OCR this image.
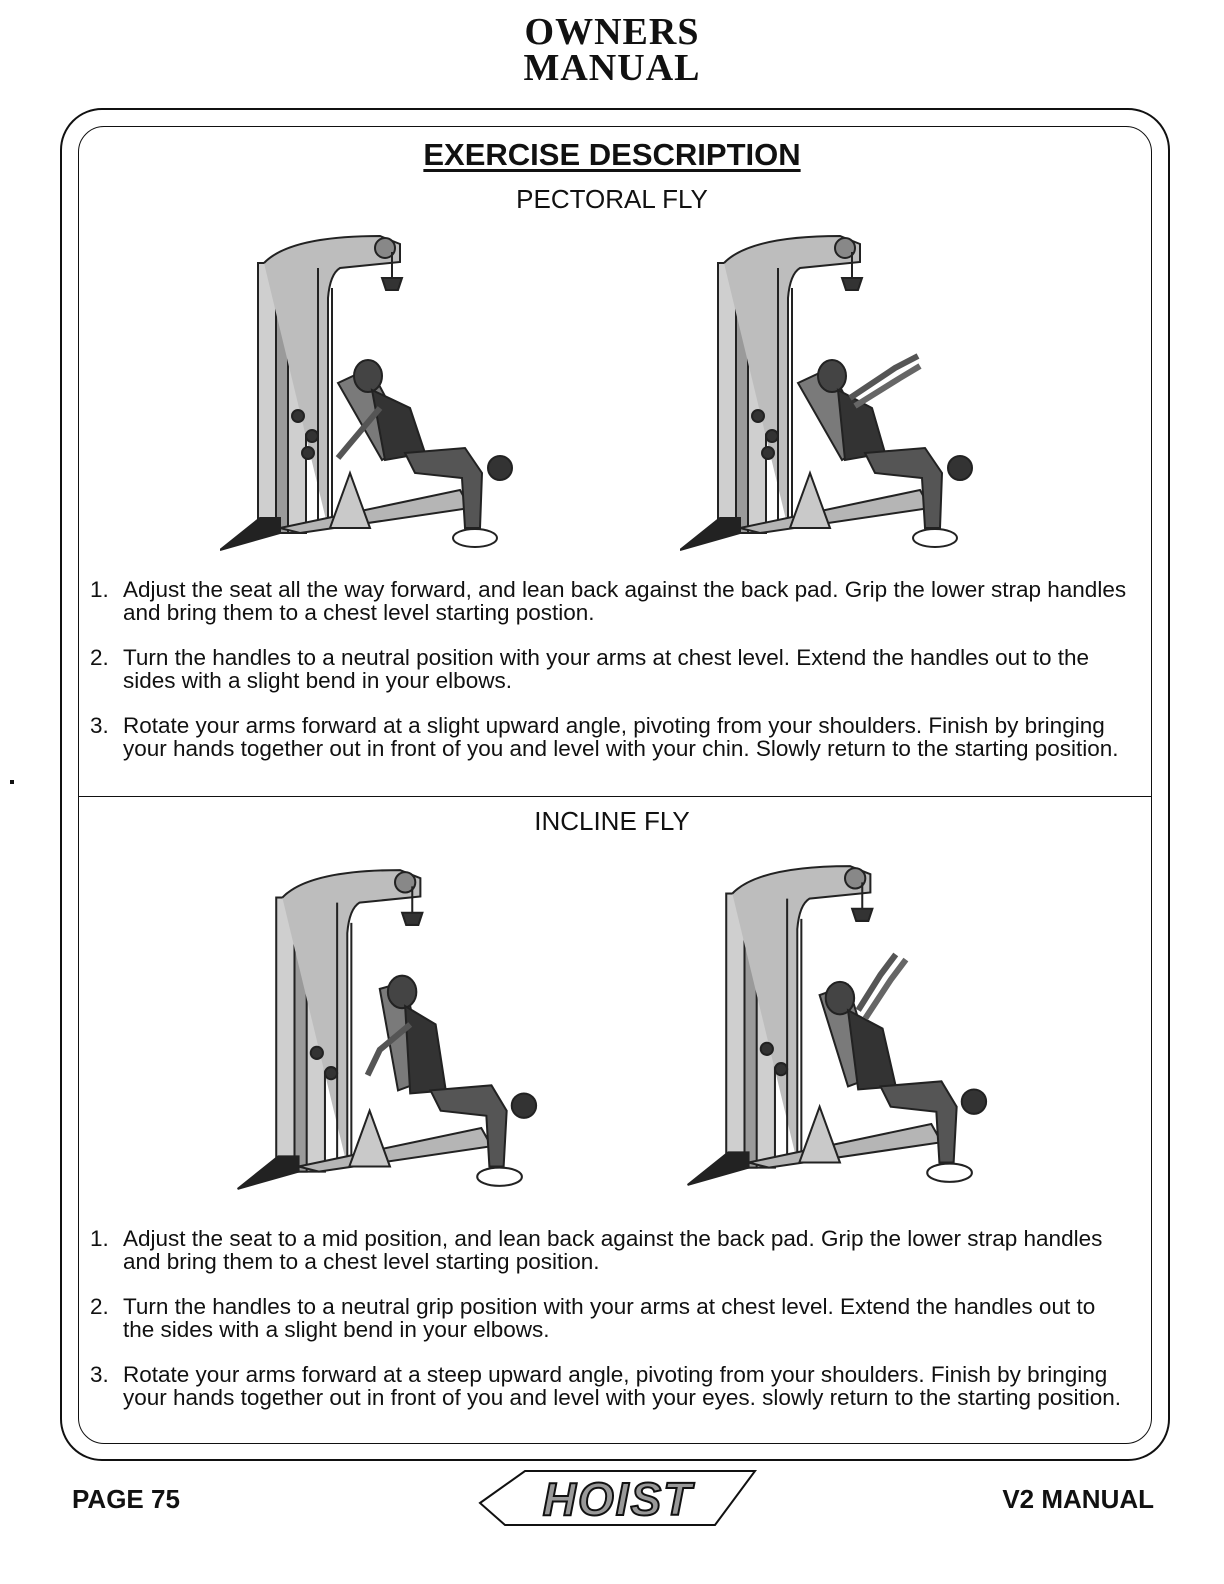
OWNERS
MANUAL
EXERCISE DESCRIPTION
PECTORAL FLY
1. Adjust the seat all the way forward, and lean back against the back pad. Grip the lower strap handles and bring them to a chest level starting postion.
2. Turn the handles to a neutral position with your arms at chest level. Extend the handles out to the sides with a slight bend in your elbows.
3. Rotate your arms forward at a slight upward angle, pivoting from your shoulders. Finish by bringing your hands together out in front of you and level with your chin. Slowly return to the starting position.
INCLINE FLY
1. Adjust the seat to a mid position, and lean back against the back pad. Grip the lower strap handles and bring them to a chest level starting position.
2. Turn the handles to a neutral grip position with your arms at chest level. Extend the handles out to the sides with a slight bend in your elbows.
3. Rotate your arms forward at a steep upward angle, pivoting from your shoulders. Finish by bringing your hands together out in front of you and level with your eyes. slowly return to the starting position.
PAGE 75	HOIST	V2 MANUAL
